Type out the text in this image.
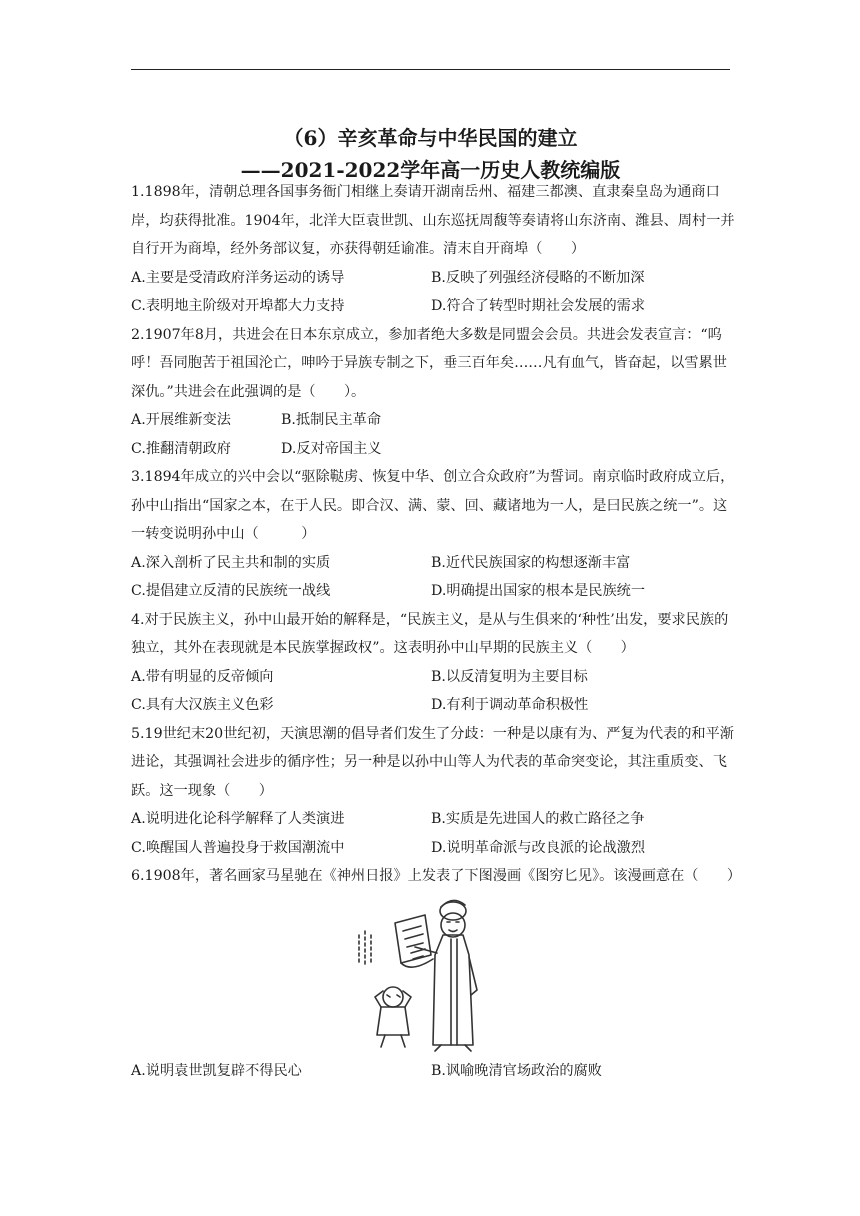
（6）辛亥革命与中华民国的建立
——2021-2022学年高一历史人教统编版

1.1898年，清朝总理各国事务衙门相继上奏请开湖南岳州、福建三都澳、直隶秦皇岛为通商口岸，均获得批准。1904年，北洋大臣袁世凯、山东巡抚周馥等奏请将山东济南、潍县、周村一并自行开为商埠，经外务部议复，亦获得朝廷谕准。清末自开商埠（　　）

A.主要是受清政府洋务运动的诱导	B.反映了列强经济侵略的不断加深
C.表明地主阶级对开埠都大力支持	D.符合了转型时期社会发展的需求

2.1907年8月，共进会在日本东京成立，参加者绝大多数是同盟会会员。共进会发表宣言：“呜呼！吾同胞苦于祖国沦亡，呻吟于异族专制之下，垂三百年矣……凡有血气，皆奋起，以雪累世深仇。”共进会在此强调的是（　　）。

A.开展维新变法	B.抵制民主革命
C.推翻清朝政府	D.反对帝国主义

3.1894年成立的兴中会以“驱除鞑虏、恢复中华、创立合众政府”为誓词。南京临时政府成立后，孙中山指出“国家之本，在于人民。即合汉、满、蒙、回、藏诸地为一人，是曰民族之统一”。这一转变说明孙中山（　　　）

A.深入剖析了民主共和制的实质	B.近代民族国家的构想逐渐丰富
C.提倡建立反清的民族统一战线	D.明确提出国家的根本是民族统一

4.对于民族主义，孙中山最开始的解释是，“民族主义，是从与生俱来的‘种性’出发，要求民族的独立，其外在表现就是本民族掌握政权”。这表明孙中山早期的民族主义（　　）

A.带有明显的反帝倾向	B.以反清复明为主要目标
C.具有大汉族主义色彩	D.有利于调动革命积极性

5.19世纪末20世纪初，天演思潮的倡导者们发生了分歧：一种是以康有为、严复为代表的和平渐进论，其强调社会进步的循序性；另一种是以孙中山等人为代表的革命突变论，其注重质变、飞跃。这一现象（　　）

A.说明进化论科学解释了人类演进	B.实质是先进国人的救亡路径之争
C.唤醒国人普遍投身于救国潮流中	D.说明革命派与改良派的论战激烈

6.1908年，著名画家马星驰在《神州日报》上发表了下图漫画《图穷匕见》。该漫画意在（　　）

A.说明袁世凯复辟不得民心	B.讽喻晚清官场政治的腐败
